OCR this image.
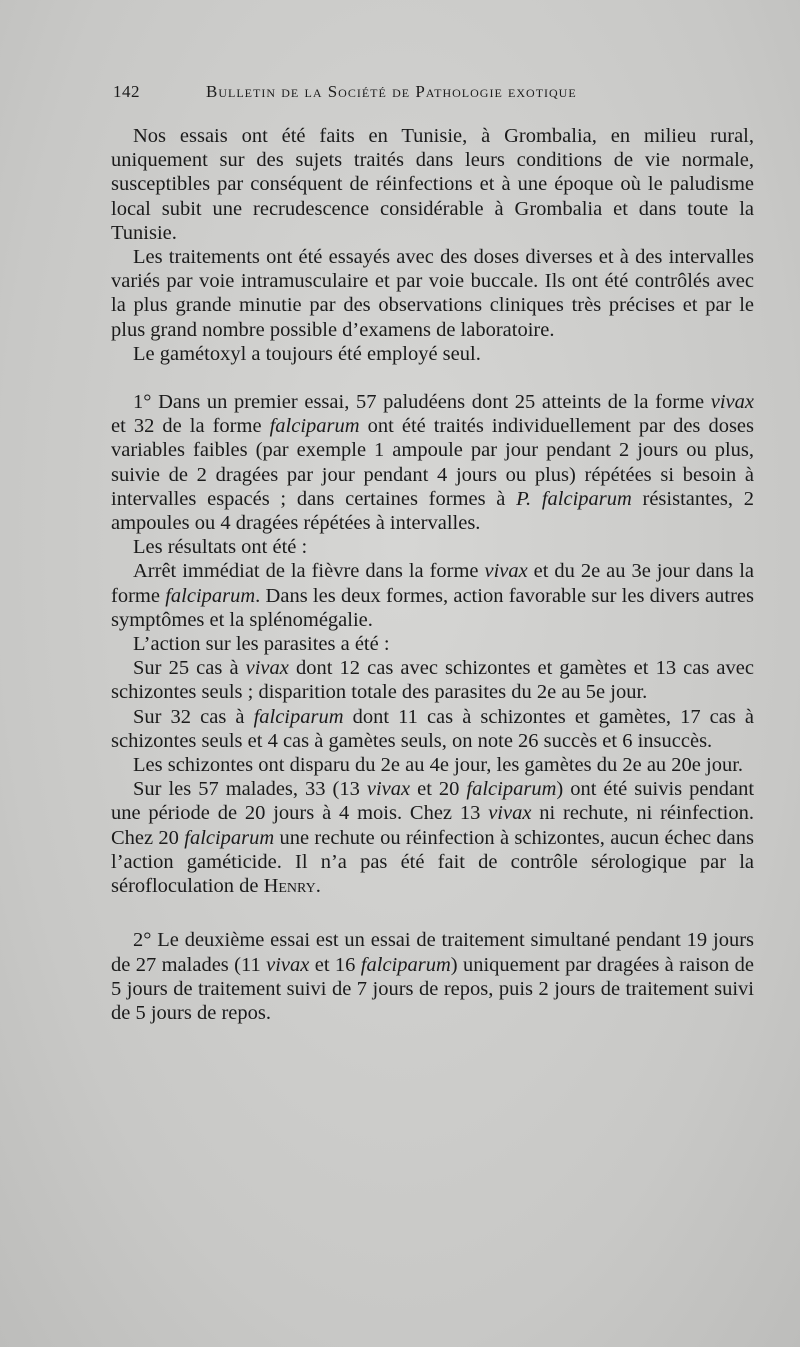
142	Bulletin de la Société de Pathologie exotique

Nos essais ont été faits en Tunisie, à Grombalia, en milieu rural, uniquement sur des sujets traités dans leurs conditions de vie normale, susceptibles par conséquent de réinfections et à une époque où le paludisme local subit une recrudescence considérable à Grombalia et dans toute la Tunisie.

Les traitements ont été essayés avec des doses diverses et à des intervalles variés par voie intramusculaire et par voie buccale. Ils ont été contrôlés avec la plus grande minutie par des observations cliniques très précises et par le plus grand nombre possible d’examens de laboratoire.

Le gamétoxyl a toujours été employé seul.

1° Dans un premier essai, 57 paludéens dont 25 atteints de la forme vivax et 32 de la forme falciparum ont été traités individuellement par des doses variables faibles (par exemple 1 ampoule par jour pendant 2 jours ou plus, suivie de 2 dragées par jour pendant 4 jours ou plus) répétées si besoin à intervalles espacés ; dans certaines formes à P. falciparum résistantes, 2 ampoules ou 4 dragées répétées à intervalles.

Les résultats ont été :

Arrêt immédiat de la fièvre dans la forme vivax et du 2e au 3e jour dans la forme falciparum. Dans les deux formes, action favorable sur les divers autres symptômes et la splénomégalie.

L’action sur les parasites a été :

Sur 25 cas à vivax dont 12 cas avec schizontes et gamètes et 13 cas avec schizontes seuls ; disparition totale des parasites du 2e au 5e jour.

Sur 32 cas à falciparum dont 11 cas à schizontes et gamètes, 17 cas à schizontes seuls et 4 cas à gamètes seuls, on note 26 succès et 6 insuccès.

Les schizontes ont disparu du 2e au 4e jour, les gamètes du 2e au 20e jour.

Sur les 57 malades, 33 (13 vivax et 20 falciparum) ont été suivis pendant une période de 20 jours à 4 mois. Chez 13 vivax ni rechute, ni réinfection. Chez 20 falciparum une rechute ou réinfection à schizontes, aucun échec dans l’action gaméticide. Il n’a pas été fait de contrôle sérologique par la sérofloculation de Henry.

2° Le deuxième essai est un essai de traitement simultané pendant 19 jours de 27 malades (11 vivax et 16 falciparum) uniquement par dragées à raison de 5 jours de traitement suivi de 7 jours de repos, puis 2 jours de traitement suivi de 5 jours de repos.
